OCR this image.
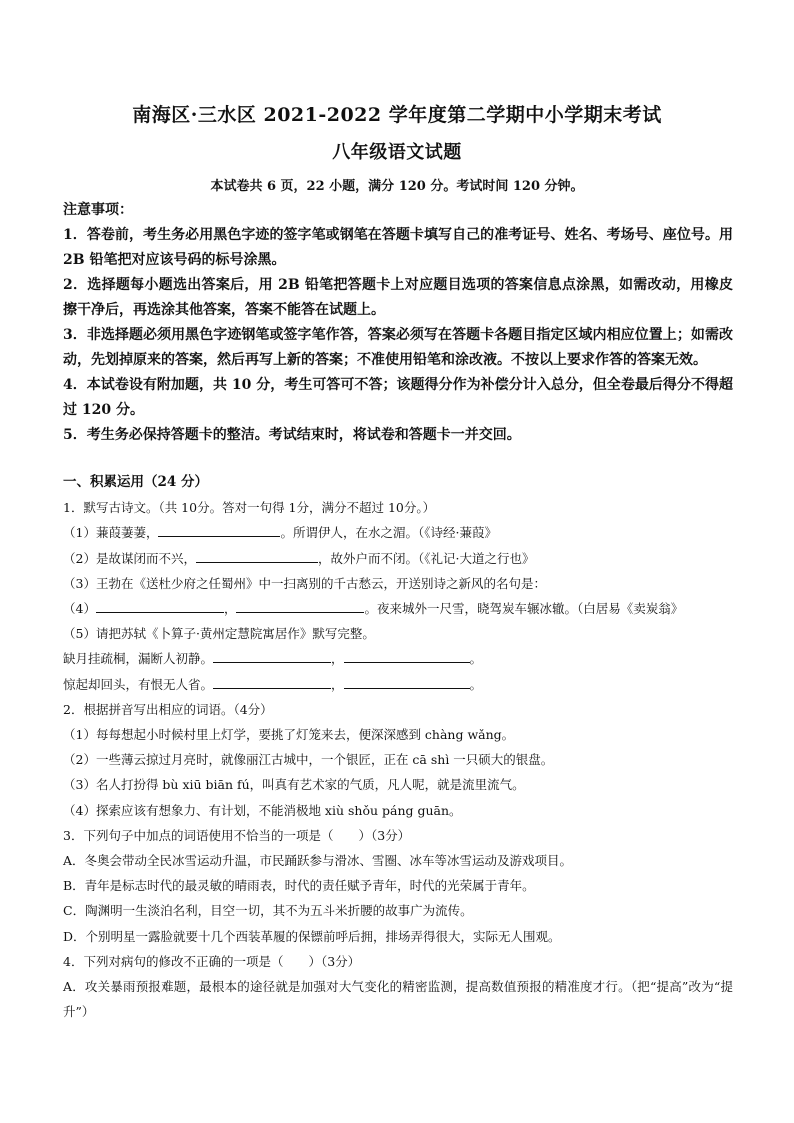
南海区·三水区 2021-2022 学年度第二学期中小学期末考试
八年级语文试题
本试卷共 6 页，22 小题，满分 120 分。考试时间 120 分钟。

注意事项：

1．答卷前，考生务必用黑色字迹的签字笔或钢笔在答题卡填写自己的准考证号、姓名、考场号、座位号。用 2B 铅笔把对应该号码的标号涂黑。

2．选择题每小题选出答案后，用 2B 铅笔把答题卡上对应题目选项的答案信息点涂黑，如需改动，用橡皮擦干净后，再选涂其他答案，答案不能答在试题上。

3．非选择题必须用黑色字迹钢笔或签字笔作答，答案必须写在答题卡各题目指定区域内相应位置上；如需改动，先划掉原来的答案，然后再写上新的答案；不准使用铅笔和涂改液。不按以上要求作答的答案无效。

4．本试卷设有附加题，共 10 分，考生可答可不答；该题得分作为补偿分计入总分，但全卷最后得分不得超过 120 分。

5．考生务必保持答题卡的整洁。考试结束时，将试卷和答题卡一并交回。

一、积累运用（24 分）

1．默写古诗文。（共 10分。答对一句得 1分，满分不超过 10分。）

（1）蒹葭萋萋，	。所谓伊人，在水之湄。（《诗经·蒹葭》

（2）是故谋闭而不兴，	，故外户而不闭。（《礼记·大道之行也》

（3）王勃在《送杜少府之任蜀州》中一扫离别的千古愁云，开送别诗之新风的名句是：

（4）	，	。夜来城外一尺雪，晓驾炭车辗冰辙。（白居易《卖炭翁》

（5）请把苏轼《卜算子·黄州定慧院寓居作》默写完整。

缺月挂疏桐，漏断人初静。	，	。

惊起却回头，有恨无人省。	，	。

2．根据拼音写出相应的词语。（4分）

（1）每每想起小时候村里上灯学，要挑了灯笼来去，便深深感到 chàng wǎng。

（2）一些薄云掠过月亮时，就像丽江古城中，一个银匠，正在 cā shì 一只硕大的银盘。

（3）名人打扮得 bù xiū biān fú，叫真有艺术家的气质，凡人呢，就是流里流气。

（4）探索应该有想象力、有计划，不能消极地 xiù shǒu páng guān。

3．下列句子中加点的词语使用不恰当的一项是（　　）（3分）

A．冬奥会带动全民冰雪运动升温，市民踊跃参与滑冰、雪圈、冰车等冰雪运动及游戏项目。

B．青年是标志时代的最灵敏的晴雨表，时代的责任赋予青年，时代的光荣属于青年。

C．陶渊明一生淡泊名利，目空一切，其不为五斗米折腰的故事广为流传。

D．个别明星一露脸就要十几个西装革履的保镖前呼后拥，排场弄得很大，实际无人围观。

4．下列对病句的修改不正确的一项是（　　）（3分）

A．攻关暴雨预报难题，最根本的途径就是加强对大气变化的精密监测，提高数值预报的精准度才行。（把“提高”改为“提升”）
